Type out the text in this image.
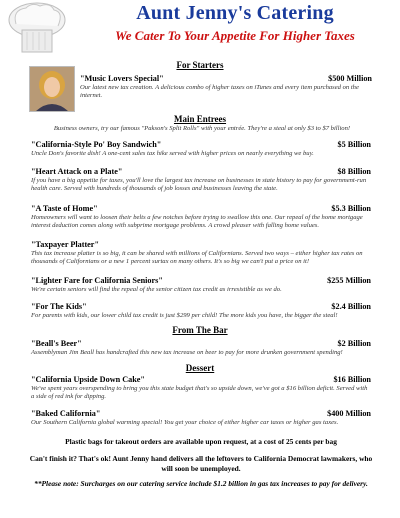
Aunt Jenny's Catering
We Cater To Your Appetite For Higher Taxes
For Starters
"Music Lovers Special"	$500 Million
Our latest new tax creation. A delicious combo of higher taxes on iTunes and every item purchased on the internet.
Main Entrees
Business owners, try our famous "Pakson's Split Rolls" with your entrée. They're a steal at only $3 to $7 billion!
"California-Style Po' Boy Sandwich"	$5 Billion
Uncle Don's favorite dish! A one-cent sales tax hike served with higher prices on nearly everything we buy.
"Heart Attack on a Plate"	$8 Billion
If you have a big appetite for taxes, you'll love the largest tax increase on businesses in state history to pay for government-run health care. Served with hundreds of thousands of job losses and businesses leaving the state.
"A Taste of Home"	$5.3 Billion
Homeowners will want to loosen their belts a few notches before trying to swallow this one. Our repeal of the home mortgage interest deduction comes along with subprime mortgage problems. A crowd pleaser with falling home values.
"Taxpayer Platter"
This tax increase platter is so big, it can be shared with millions of Californians. Served two ways – either higher tax rates on thousands of Californians or a new 1 percent surtax on many others. It's so big we can't put a price on it!
"Lighter Fare for California Seniors"	$255 Million
We're certain seniors will find the repeal of the senior citizen tax credit as irresistible as we do.
"For The Kids"	$2.4 Billion
For parents with kids, our lower child tax credit is just $299 per child! The more kids you have, the bigger the steal!
From The Bar
"Beall's Beer"	$2 Billion
Assemblyman Jim Beall has handcrafted this new tax increase on beer to pay for more drunken government spending!
Dessert
"California Upside Down Cake"	$16 Billion
We've spent years overspending to bring you this state budget that's so upside down, we've got a $16 billion deficit. Served with a side of red ink for dipping.
"Baked California"	$400 Million
Our Southern California global warming special! You get your choice of either higher car taxes or higher gas taxes.
Plastic bags for takeout orders are available upon request, at a cost of 25 cents per bag
Can't finish it? That's ok! Aunt Jenny hand delivers all the leftovers to California Democrat lawmakers, who will soon be unemployed.
**Please note: Surcharges on our catering service include $1.2 billion in gas tax increases to pay for delivery.
